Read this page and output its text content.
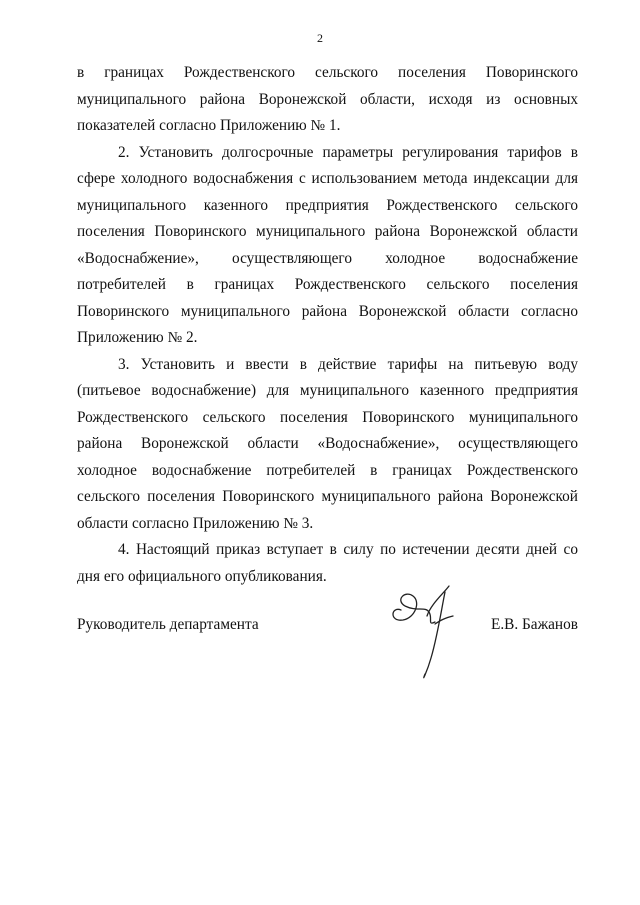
2

в границах Рождественского сельского поселения Поворинского муниципального района Воронежской области, исходя из основных показателей согласно Приложению № 1.

2. Установить долгосрочные параметры регулирования тарифов в сфере холодного водоснабжения с использованием метода индексации для муниципального казенного предприятия Рождественского сельского поселения Поворинского муниципального района Воронежской области «Водоснабжение», осуществляющего холодное водоснабжение потребителей в границах Рождественского сельского поселения Поворинского муниципального района Воронежской области согласно Приложению № 2.

3. Установить и ввести в действие тарифы на питьевую воду (питьевое водоснабжение) для муниципального казенного предприятия Рождественского сельского поселения Поворинского муниципального района Воронежской области «Водоснабжение», осуществляющего холодное водоснабжение потребителей в границах Рождественского сельского поселения Поворинского муниципального района Воронежской области согласно Приложению № 3.

4. Настоящий приказ вступает в силу по истечении десяти дней со дня его официального опубликования.

Руководитель департамента	Е.В. Бажанов
